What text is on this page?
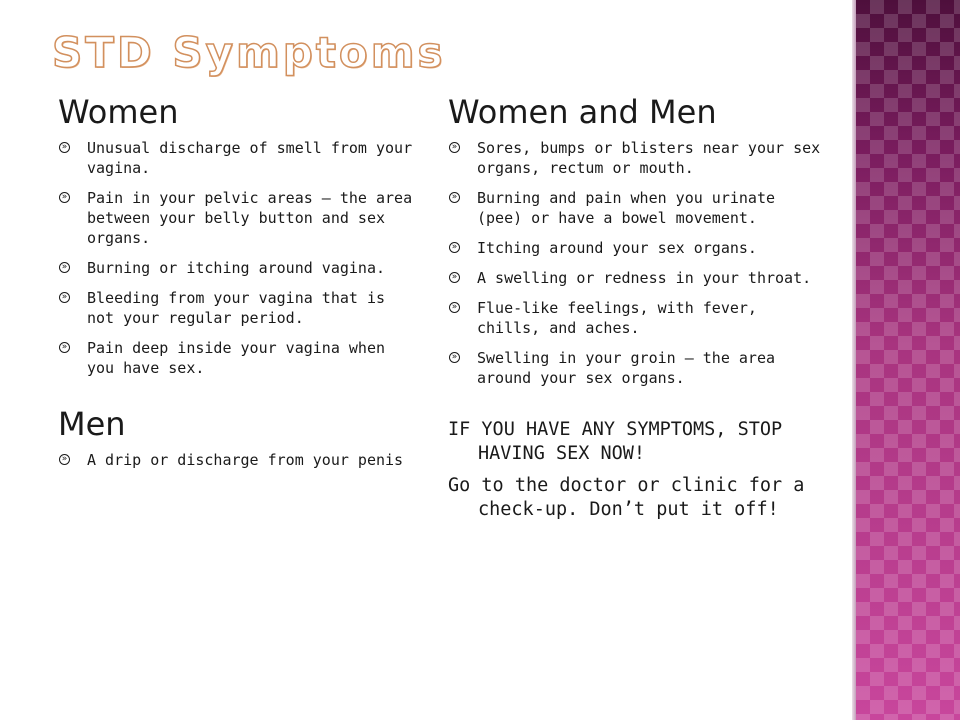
STD Symptoms
Women
»
Unusual discharge of smell from your vagina.
»
Pain in your pelvic areas – the area between your belly button and sex organs.
»
Burning or itching around vagina.
»
Bleeding from your vagina that is not your regular period.
»
Pain deep inside your vagina when you have sex.
Men
»
A drip or discharge from your penis
Women and Men
»
Sores, bumps or blisters near your sex organs, rectum or mouth.
»
Burning and pain when you urinate (pee) or have a bowel movement.
»
Itching around your sex organs.
»
A swelling or redness in your throat.
»
Flue-like feelings, with fever, chills, and aches.
»
Swelling in your groin – the area around your sex organs.

IF YOU HAVE ANY SYMPTOMS, STOP HAVING SEX NOW!

Go to the doctor or clinic for a check-up. Don’t put it off!
